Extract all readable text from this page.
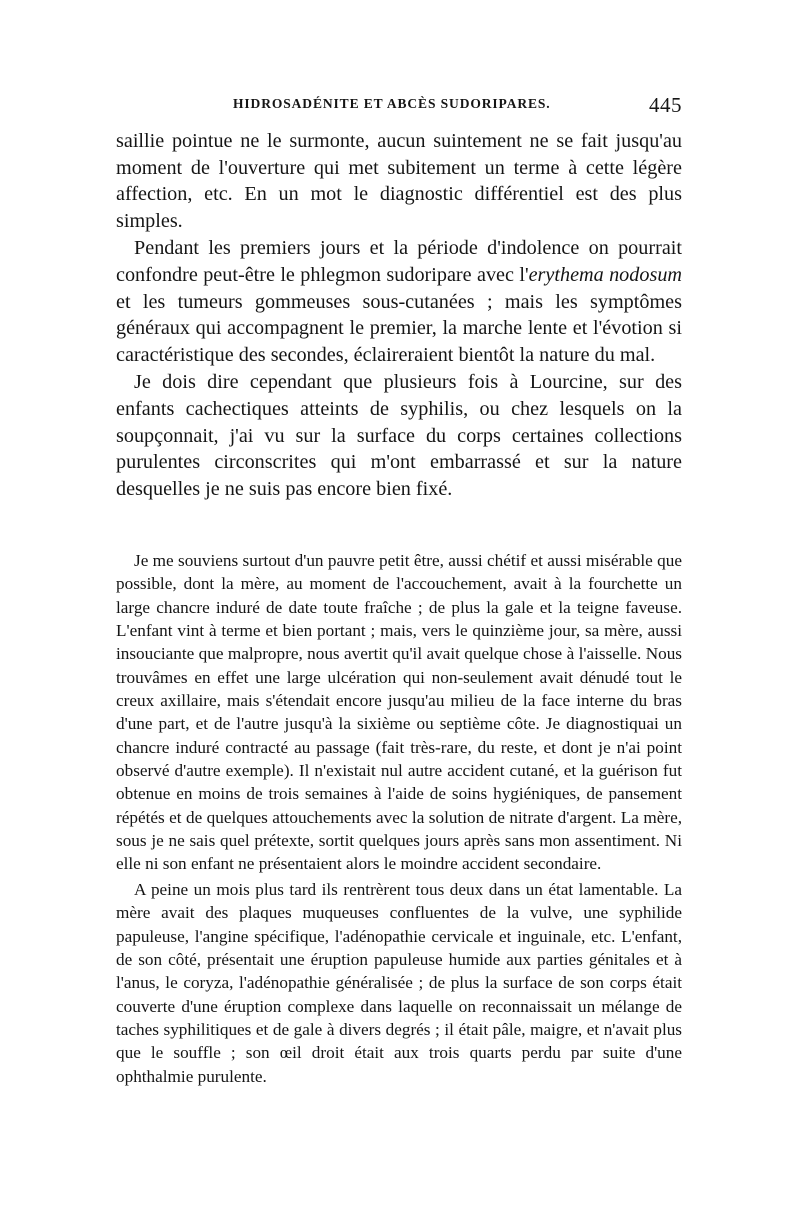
HIDROSADÉNITE ET ABCÈS SUDORIPARES.	445

saillie pointue ne le surmonte, aucun suintement ne se fait jusqu'au moment de l'ouverture qui met subitement un terme à cette légère affection, etc. En un mot le diagnostic différentiel est des plus simples.

Pendant les premiers jours et la période d'indolence on pourrait confondre peut-être le phlegmon sudoripare avec l'erythema nodosum et les tumeurs gommeuses sous-cutanées ; mais les symptômes généraux qui accompagnent le premier, la marche lente et l'évotion si caractéristique des secondes, éclaireraient bientôt la nature du mal.

Je dois dire cependant que plusieurs fois à Lourcine, sur des enfants cachectiques atteints de syphilis, ou chez lesquels on la soupçonnait, j'ai vu sur la surface du corps certaines collections purulentes circonscrites qui m'ont embarrassé et sur la nature desquelles je ne suis pas encore bien fixé.

Je me souviens surtout d'un pauvre petit être, aussi chétif et aussi misérable que possible, dont la mère, au moment de l'accouchement, avait à la fourchette un large chancre induré de date toute fraîche ; de plus la gale et la teigne faveuse. L'enfant vint à terme et bien portant ; mais, vers le quinzième jour, sa mère, aussi insouciante que malpropre, nous avertit qu'il avait quelque chose à l'aisselle. Nous trouvâmes en effet une large ulcération qui non-seulement avait dénudé tout le creux axillaire, mais s'étendait encore jusqu'au milieu de la face interne du bras d'une part, et de l'autre jusqu'à la sixième ou septième côte. Je diagnostiquai un chancre induré contracté au passage (fait très-rare, du reste, et dont je n'ai point observé d'autre exemple). Il n'existait nul autre accident cutané, et la guérison fut obtenue en moins de trois semaines à l'aide de soins hygiéniques, de pansement répétés et de quelques attouchements avec la solution de nitrate d'argent. La mère, sous je ne sais quel prétexte, sortit quelques jours après sans mon assentiment. Ni elle ni son enfant ne présentaient alors le moindre accident secondaire.

A peine un mois plus tard ils rentrèrent tous deux dans un état lamentable. La mère avait des plaques muqueuses confluentes de la vulve, une syphilide papuleuse, l'angine spécifique, l'adénopathie cervicale et inguinale, etc. L'enfant, de son côté, présentait une éruption papuleuse humide aux parties génitales et à l'anus, le coryza, l'adénopathie généralisée ; de plus la surface de son corps était couverte d'une éruption complexe dans laquelle on reconnaissait un mélange de taches syphilitiques et de gale à divers degrés ; il était pâle, maigre, et n'avait plus que le souffle ; son œil droit était aux trois quarts perdu par suite d'une ophthalmie purulente.
